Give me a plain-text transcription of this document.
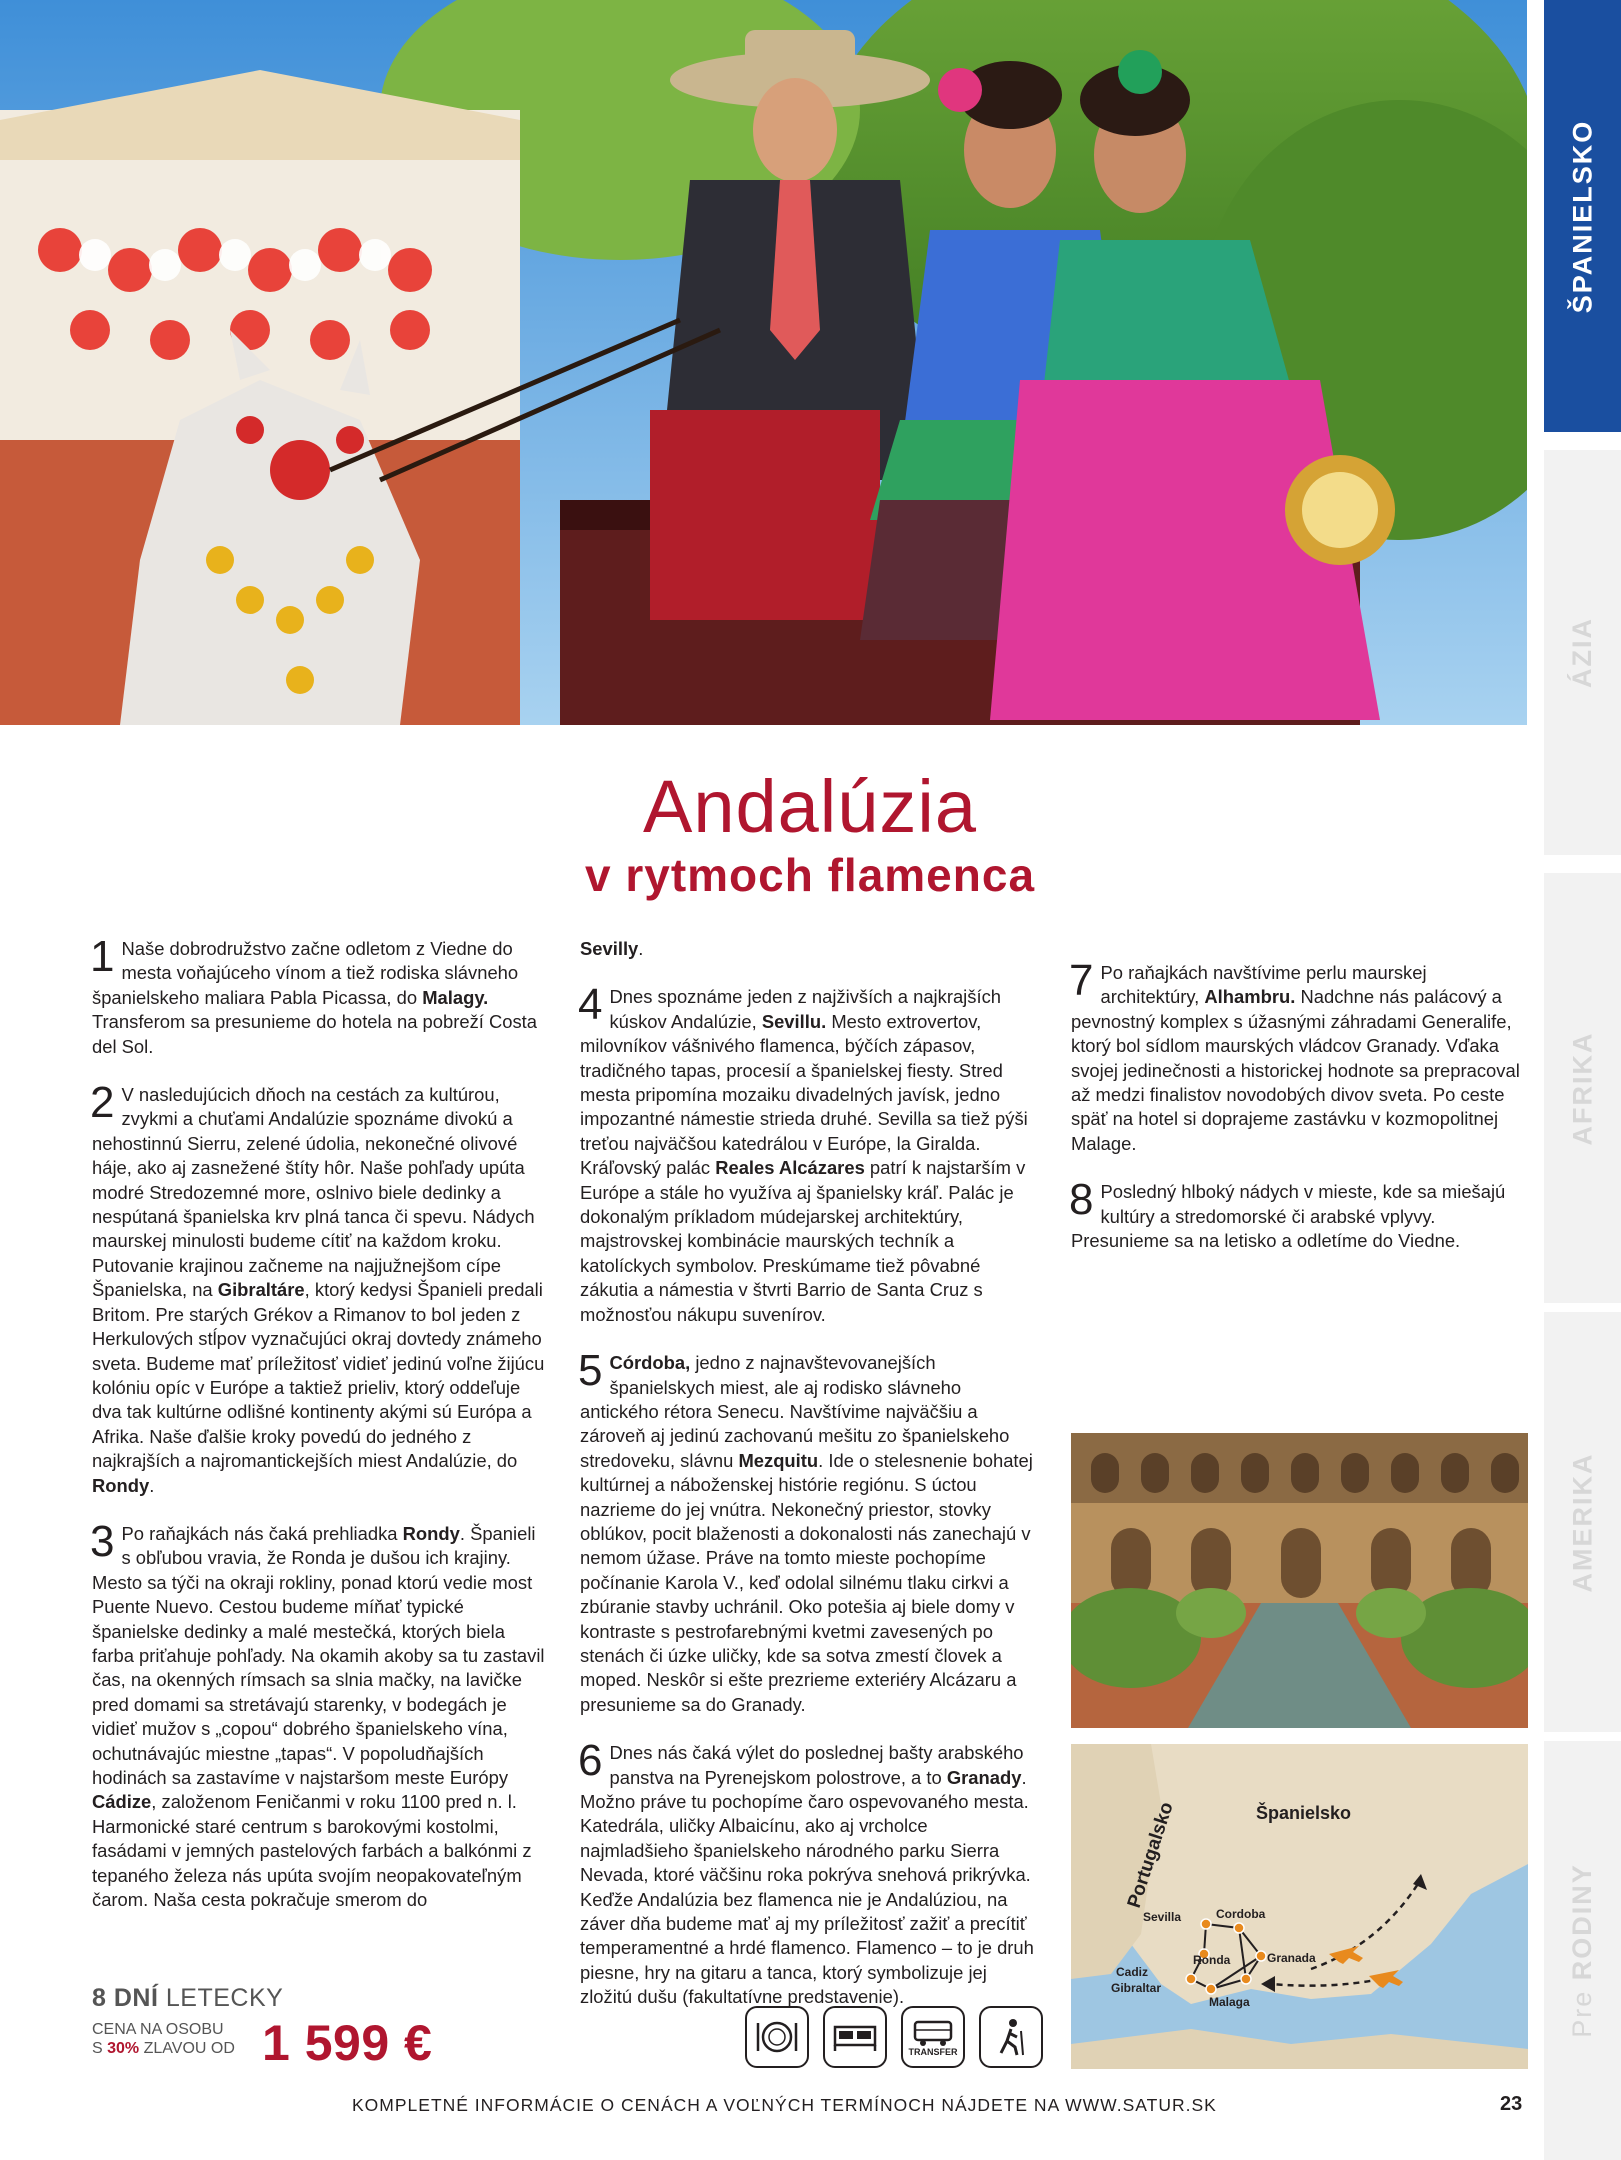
ŠPANIELSKO
ÁZIA
AFRIKA
AMERIKA
Pre RODINY
Andalúzia
v rytmoch flamenca

1 Naše dobrodružstvo začne odletom z Viedne do mesta voňajúceho vínom a tiež rodiska slávneho španielskeho maliara Pabla Picassa, do Malagy. Transferom sa presunieme do hotela na pobreží Costa del Sol.

2 V nasledujúcich dňoch na cestách za kultúrou, zvykmi a chuťami Andalúzie spoznáme divokú a nehostinnú Sierru, zelené údolia, nekonečné olivové háje, ako aj zasnežené štíty hôr. Naše pohľady upúta modré Stredozemné more, oslnivo biele dedinky a nespútaná španielska krv plná tanca či spevu. Nádych maurskej minulosti budeme cítiť na každom kroku. Putovanie krajinou začneme na najjužnejšom cípe Španielska, na Gibraltáre, ktorý kedysi Španieli predali Britom. Pre starých Grékov a Rimanov to bol jeden z Herkulových stĺpov vyznačujúci okraj dovtedy známeho sveta. Budeme mať príležitosť vidieť jedinú voľne žijúcu kolóniu opíc v Európe a taktiež prieliv, ktorý oddeľuje dva tak kultúrne odlišné kontinenty akými sú Európa a Afrika. Naše ďalšie kroky povedú do jedného z najkrajších a najromantickejších miest Andalúzie, do Rondy.

3 Po raňajkách nás čaká prehliadka Rondy. Španieli s obľubou vravia, že Ronda je dušou ich krajiny. Mesto sa týči na okraji rokliny, ponad ktorú vedie most Puente Nuevo. Cestou budeme míňať typické španielske dedinky a malé mestečká, ktorých biela farba priťahuje pohľady. Na okamih akoby sa tu zastavil čas, na okenných rímsach sa slnia mačky, na lavičke pred domami sa stretávajú starenky, v bodegách je vidieť mužov s „copou“ dobrého španielskeho vína, ochutnávajúc miestne „tapas“. V popoludňajších hodinách sa zastavíme v najstaršom meste Európy Cádize, založenom Feničanmi v roku 1100 pred n. l. Harmonické staré centrum s barokovými kostolmi, fasádami v jemných pastelových farbách a balkónmi z tepaného železa nás upúta svojím neopakovateľným čarom. Naša cesta pokračuje smerom do

Sevilly.

4 Dnes spoznáme jeden z najživších a najkrajších kúskov Andalúzie, Sevillu. Mesto extrovertov, milovníkov vášnivého flamenca, býčích zápasov, tradičného tapas, procesií a španielskej fiesty. Stred mesta pripomína mozaiku divadelných javísk, jedno impozantné námestie strieda druhé. Sevilla sa tiež pýši treťou najväčšou katedrálou v Európe, la Giralda. Kráľovský palác Reales Alcázares patrí k najstarším v Európe a stále ho využíva aj španielsky kráľ. Palác je dokonalým príkladom múdejarskej architektúry, majstrovskej kombinácie maurských techník a katolíckych symbolov. Preskúmame tiež pôvabné zákutia a námestia v štvrti Barrio de Santa Cruz s možnosťou nákupu suvenírov.

5 Córdoba, jedno z najnavštevovanejších španielskych miest, ale aj rodisko slávneho antického rétora Senecu. Navštívime najväčšiu a zároveň aj jedinú zachovanú mešitu zo španielskeho stredoveku, slávnu Mezquitu. Ide o stelesnenie bohatej kultúrnej a náboženskej histórie regiónu. S úctou nazrieme do jej vnútra. Nekonečný priestor, stovky oblúkov, pocit blaženosti a dokonalosti nás zanechajú v nemom úžase. Práve na tomto mieste pochopíme počínanie Karola V., keď odolal silnému tlaku cirkvi a zbúranie stavby uchránil. Oko potešia aj biele domy v kontraste s pestrofarebnými kvetmi zavesených po stenách či úzke uličky, kde sa sotva zmestí človek a moped. Neskôr si ešte prezrieme exteriéry Alcázaru a presunieme sa do Granady.

6 Dnes nás čaká výlet do poslednej bašty arabského panstva na Pyrenejskom polostrove, a to Granady. Možno práve tu pochopíme čaro ospevovaného mesta. Katedrála, uličky Albaicínu, ako aj vrcholce najmladšieho španielskeho národného parku Sierra Nevada, ktoré väčšinu roka pokrýva snehová prikrývka. Keďže Andalúzia bez flamenca nie je Andalúziou, na záver dňa budeme mať aj my príležitosť zažiť a precítiť temperamentné a hrdé flamenco. Flamenco – to je druh piesne, hry na gitaru a tanca, ktorý symbolizuje jej zložitú dušu (fakultatívne predstavenie).

7 Po raňajkách navštívime perlu maurskej architektúry, Alhambru. Nadchne nás palácový a pevnostný komplex s úžasnými záhradami Generalife, ktorý bol sídlom maurských vládcov Granady. Vďaka svojej jedinečnosti a historickej hodnote sa prepracoval až medzi finalistov novodobých divov sveta. Po ceste späť na hotel si doprajeme zastávku v kozmopolitnej Malage.

8 Posledný hlboký nádych v mieste, kde sa miešajú kultúry a stredomorské či arabské vplyvy. Presunieme sa na letisko a odletíme do Viedne.

Portugalsko	Španielsko
Cordoba
Sevilla
Granada
Ronda
Cadiz
Gibraltar
Malaga
8 DNÍ LETECKY
CENA NA OSOBU
S 30% ZLAVOU OD 1 599 €	TRANSFER
KOMPLETNÉ INFORMÁCIE O CENÁCH A VOĽNÝCH TERMÍNOCH NÁJDETE NA WWW.SATUR.SK	23
